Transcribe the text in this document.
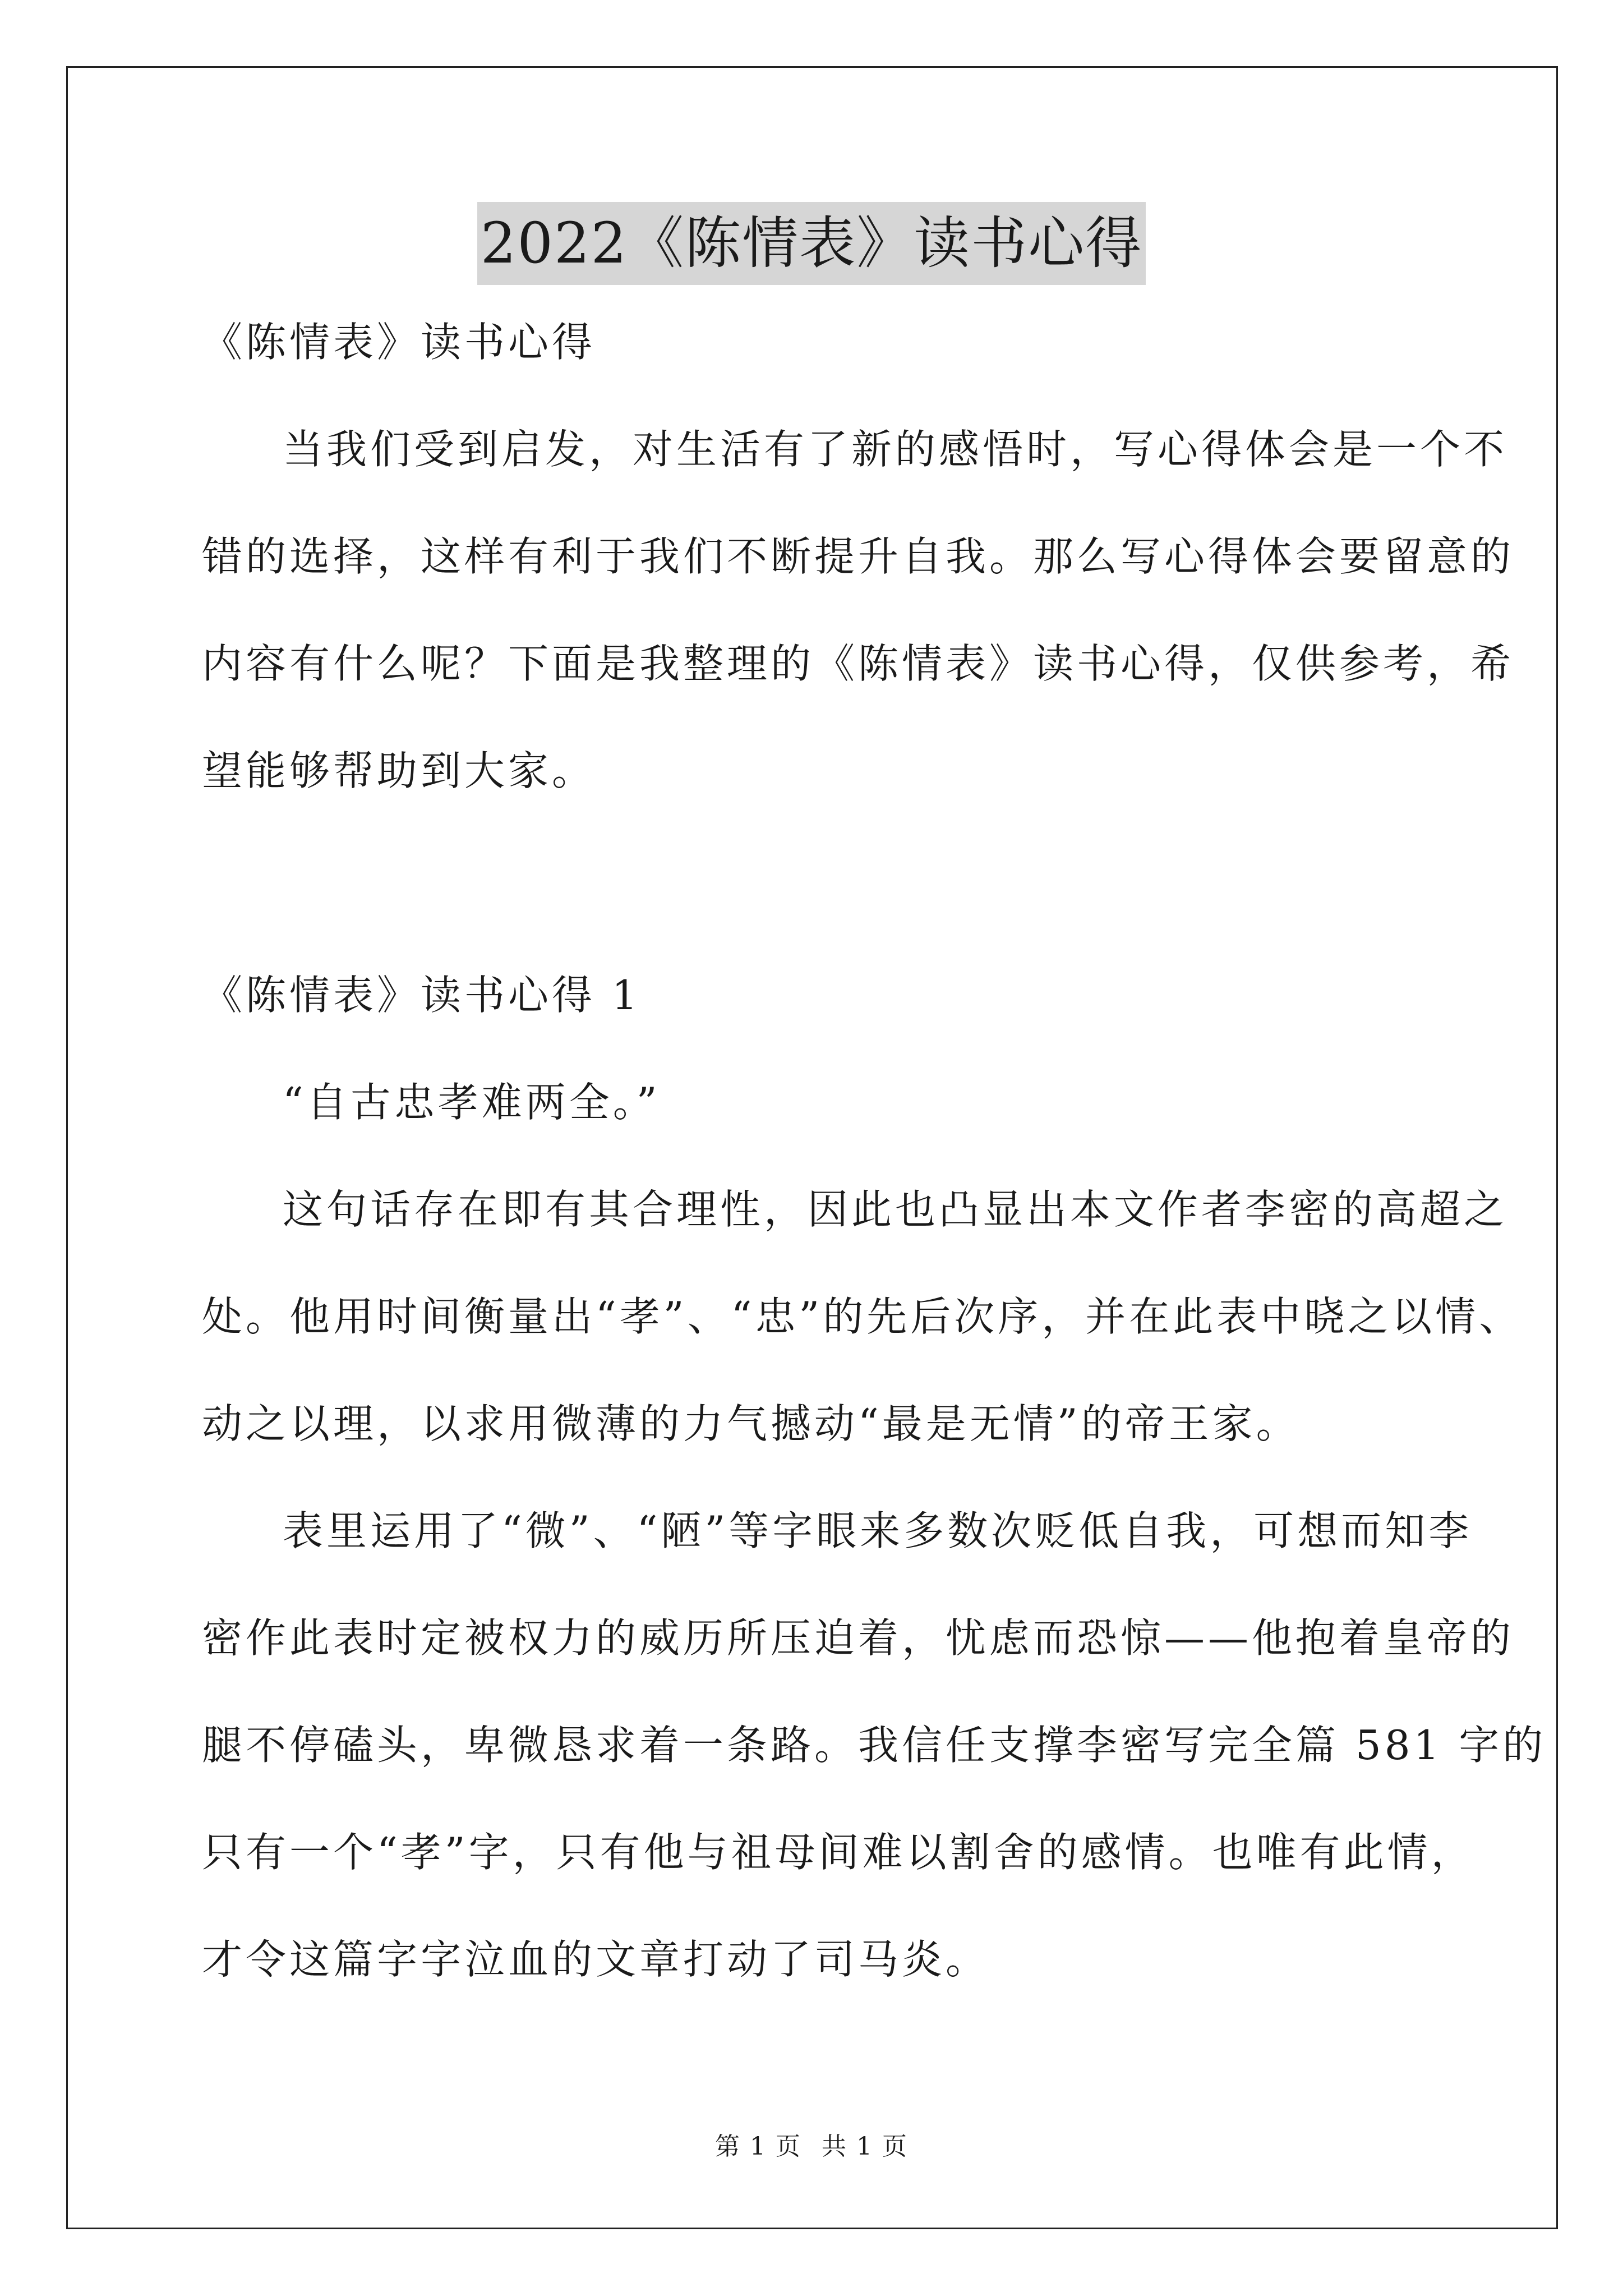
2022《陈情表》读书心得
《陈情表》读书心得
当我们受到启发，对生活有了新的感悟时，写心得体会是一个不
错的选择，这样有利于我们不断提升自我。那么写心得体会要留意的
内容有什么呢？下面是我整理的《陈情表》读书心得，仅供参考，希
望能够帮助到大家。
《陈情表》读书心得 1
“自古忠孝难两全。”
这句话存在即有其合理性，因此也凸显出本文作者李密的高超之
处。他用时间衡量出“孝”、“忠”的先后次序，并在此表中晓之以情、
动之以理，以求用微薄的力气撼动“最是无情”的帝王家。
表里运用了“微”、“陋”等字眼来多数次贬低自我，可想而知李
密作此表时定被权力的威历所压迫着，忧虑而恐惊——他抱着皇帝的
腿不停磕头，卑微恳求着一条路。我信任支撑李密写完全篇 581 字的
只有一个“孝”字，只有他与祖母间难以割舍的感情。也唯有此情，
才令这篇字字泣血的文章打动了司马炎。
第 1 页 共 1 页
